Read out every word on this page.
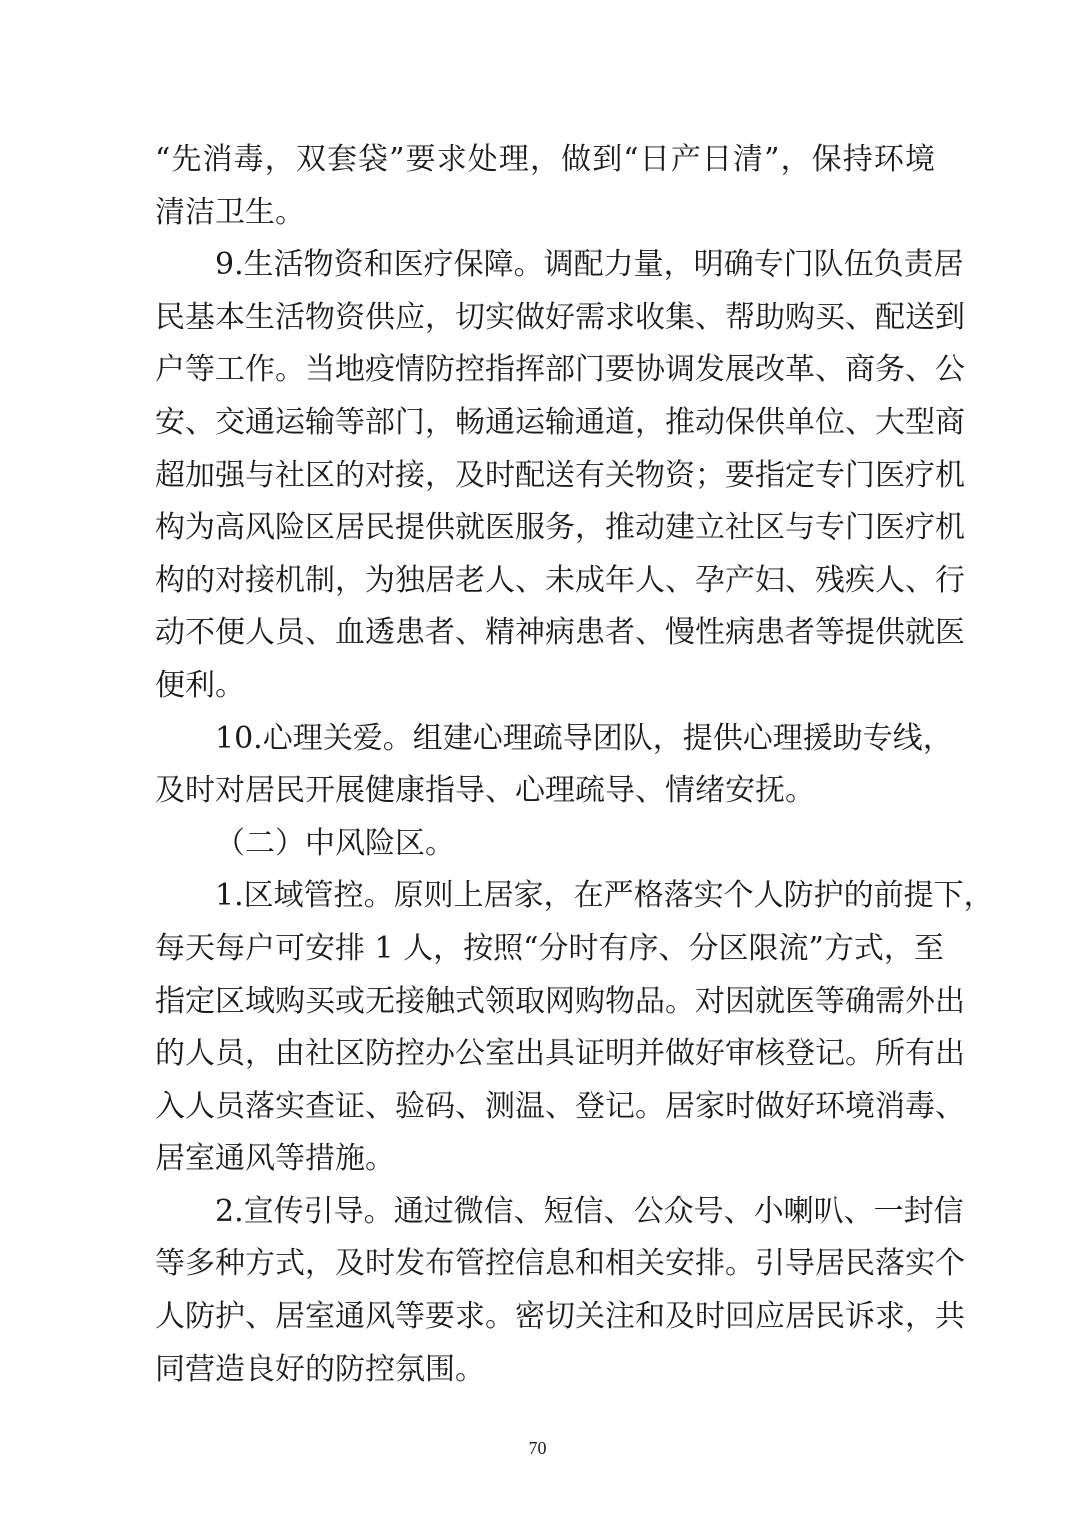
“先消毒，双套袋”要求处理，做到“日产日清”，保持环境
清洁卫生。
9.生活物资和医疗保障。调配力量，明确专门队伍负责居
民基本生活物资供应，切实做好需求收集、帮助购买、配送到
户等工作。当地疫情防控指挥部门要协调发展改革、商务、公
安、交通运输等部门，畅通运输通道，推动保供单位、大型商
超加强与社区的对接，及时配送有关物资；要指定专门医疗机
构为高风险区居民提供就医服务，推动建立社区与专门医疗机
构的对接机制，为独居老人、未成年人、孕产妇、残疾人、行
动不便人员、血透患者、精神病患者、慢性病患者等提供就医
便利。
10.心理关爱。组建心理疏导团队，提供心理援助专线，
及时对居民开展健康指导、心理疏导、情绪安抚。
（二）中风险区。
1.区域管控。原则上居家，在严格落实个人防护的前提下，
每天每户可安排 1 人，按照“分时有序、分区限流”方式，至
指定区域购买或无接触式领取网购物品。对因就医等确需外出
的人员，由社区防控办公室出具证明并做好审核登记。所有出
入人员落实查证、验码、测温、登记。居家时做好环境消毒、
居室通风等措施。
2.宣传引导。通过微信、短信、公众号、小喇叭、一封信
等多种方式，及时发布管控信息和相关安排。引导居民落实个
人防护、居室通风等要求。密切关注和及时回应居民诉求，共
同营造良好的防控氛围。
70
